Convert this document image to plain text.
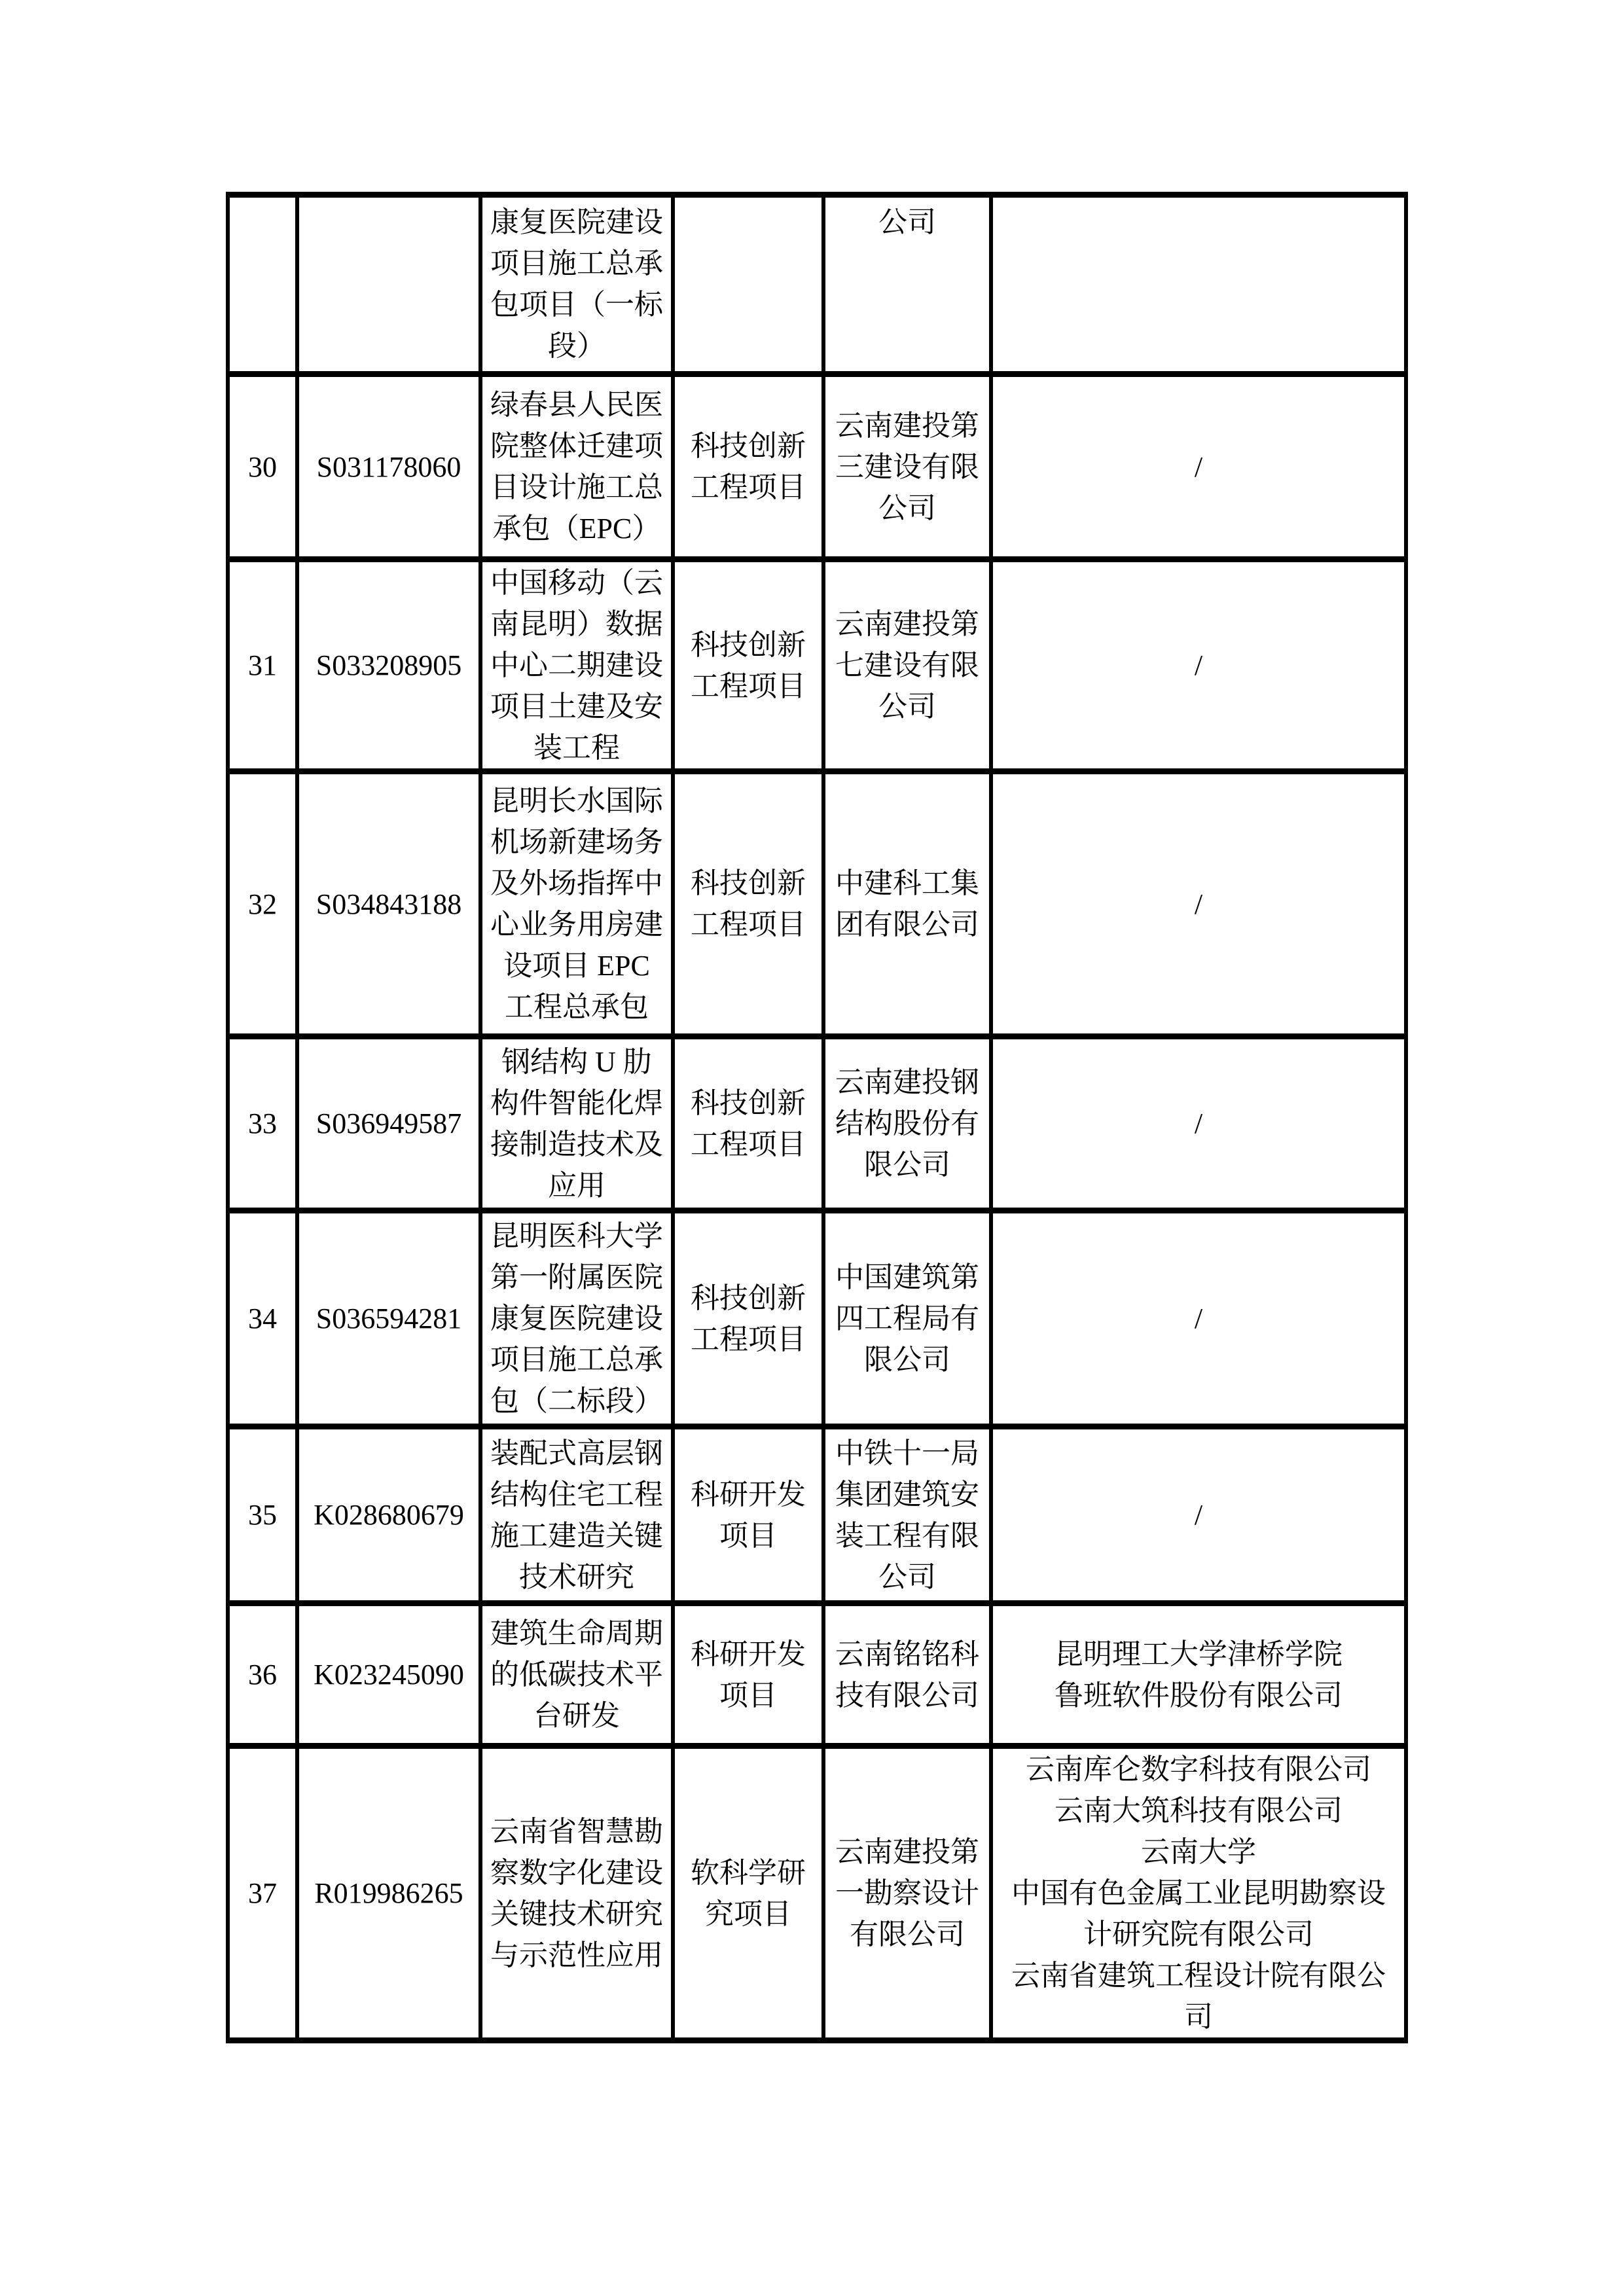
		康复医院建设项目施工总承包项目（一标段）		公司	
30	S031178060	绿春县人民医院整体迁建项目设计施工总承包（EPC）	科技创新工程项目	云南建投第三建设有限公司	/

31	S033208905	中国移动（云南昆明）数据中心二期建设项目土建及安装工程	科技创新工程项目	云南建投第七建设有限公司	/

32	S034843188	昆明长水国际机场新建场务及外场指挥中心业务用房建设项目 EPC 工程总承包	科技创新工程项目	中建科工集团有限公司	/

33	S036949587	钢结构 U 肋构件智能化焊接制造技术及应用	科技创新工程项目	云南建投钢结构股份有限公司	/

34	S036594281	昆明医科大学第一附属医院康复医院建设项目施工总承包（二标段）	科技创新工程项目	中国建筑第四工程局有限公司	/

35	K028680679	装配式高层钢结构住宅工程施工建造关键技术研究	科研开发项目	中铁十一局集团建筑安装工程有限公司	/

36	K023245090	建筑生命周期的低碳技术平台研发	科研开发项目	云南铭铭科技有限公司	昆明理工大学津桥学院
鲁班软件股份有限公司

37	R019986265	云南省智慧勘察数字化建设关键技术研究与示范性应用	软科学研究项目	云南建投第一勘察设计有限公司	云南库仑数字科技有限公司
云南大筑科技有限公司
云南大学
中国有色金属工业昆明勘察设计研究院有限公司
云南省建筑工程设计院有限公司
